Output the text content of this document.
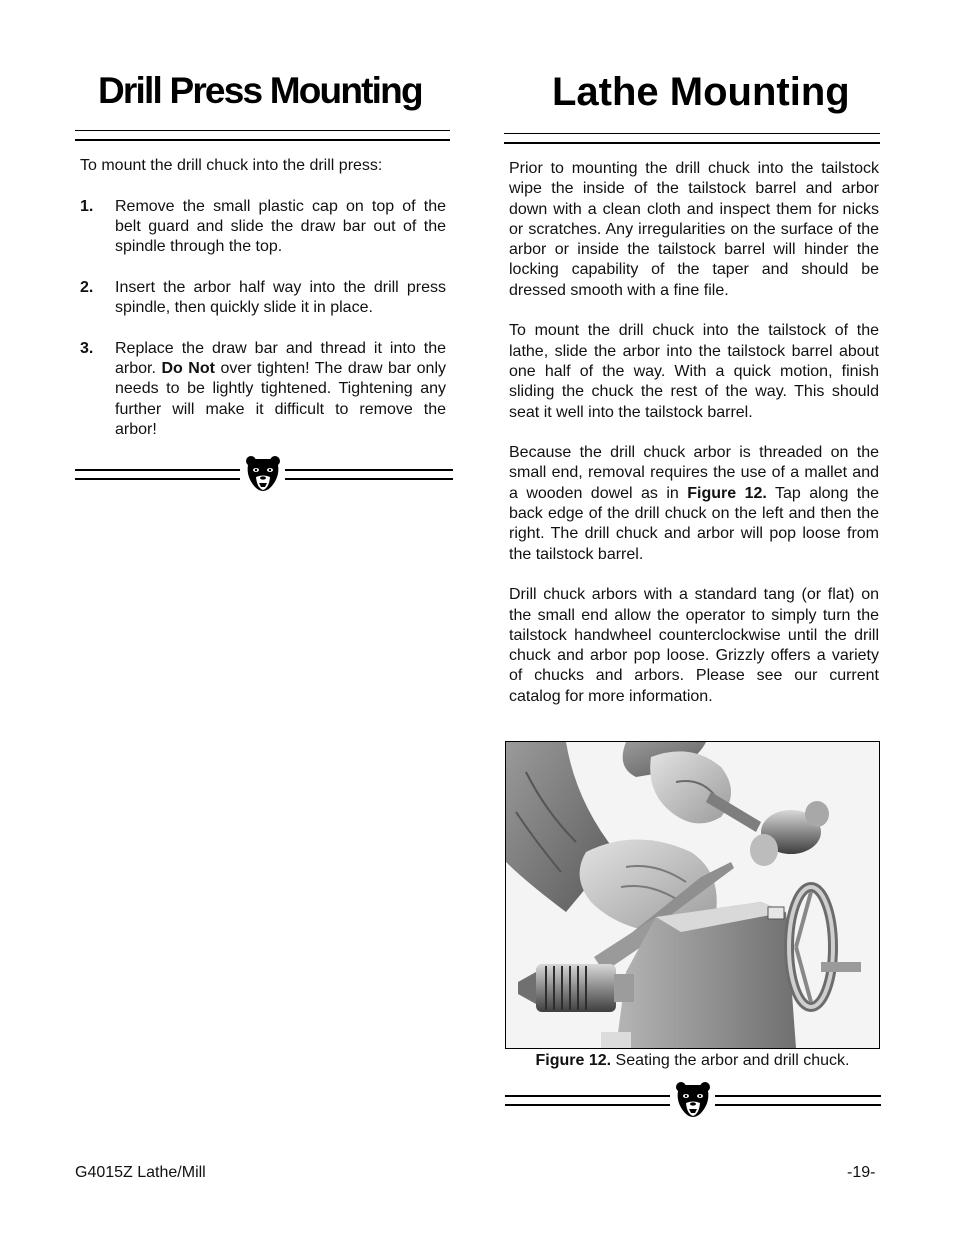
Drill Press Mounting	Lathe Mounting

To mount the drill chuck into the drill press:

1.	Remove the small plastic cap on top of the belt guard and slide the draw bar out of the spindle through the top.
2.	Insert the arbor half way into the drill press spindle, then quickly slide it in place.
3.	Replace the draw bar and thread it into the arbor. Do Not over tighten! The draw bar only needs to be lightly tightened. Tightening any further will make it difficult to remove the arbor!

Prior to mounting the drill chuck into the tailstock wipe the inside of the tailstock barrel and arbor down with a clean cloth and inspect them for nicks or scratches. Any irregularities on the surface of the arbor or inside the tailstock barrel will hinder the locking capability of the taper and should be dressed smooth with a fine file.

To mount the drill chuck into the tailstock of the lathe, slide the arbor into the tailstock barrel about one half of the way. With a quick motion, finish sliding the chuck the rest of the way. This should seat it well into the tailstock barrel.

Because the drill chuck arbor is threaded on the small end, removal requires the use of a mallet and a wooden dowel as in Figure 12. Tap along the back edge of the drill chuck on the left and then the right. The drill chuck and arbor will pop loose from the tailstock barrel.

Drill chuck arbors with a standard tang (or flat) on the small end allow the operator to simply turn the tailstock handwheel counterclockwise until the drill chuck and arbor pop loose. Grizzly offers a variety of chucks and arbors. Please see our current catalog for more information.

Figure 12. Seating the arbor and drill chuck.
G4015Z Lathe/Mill	-19-
